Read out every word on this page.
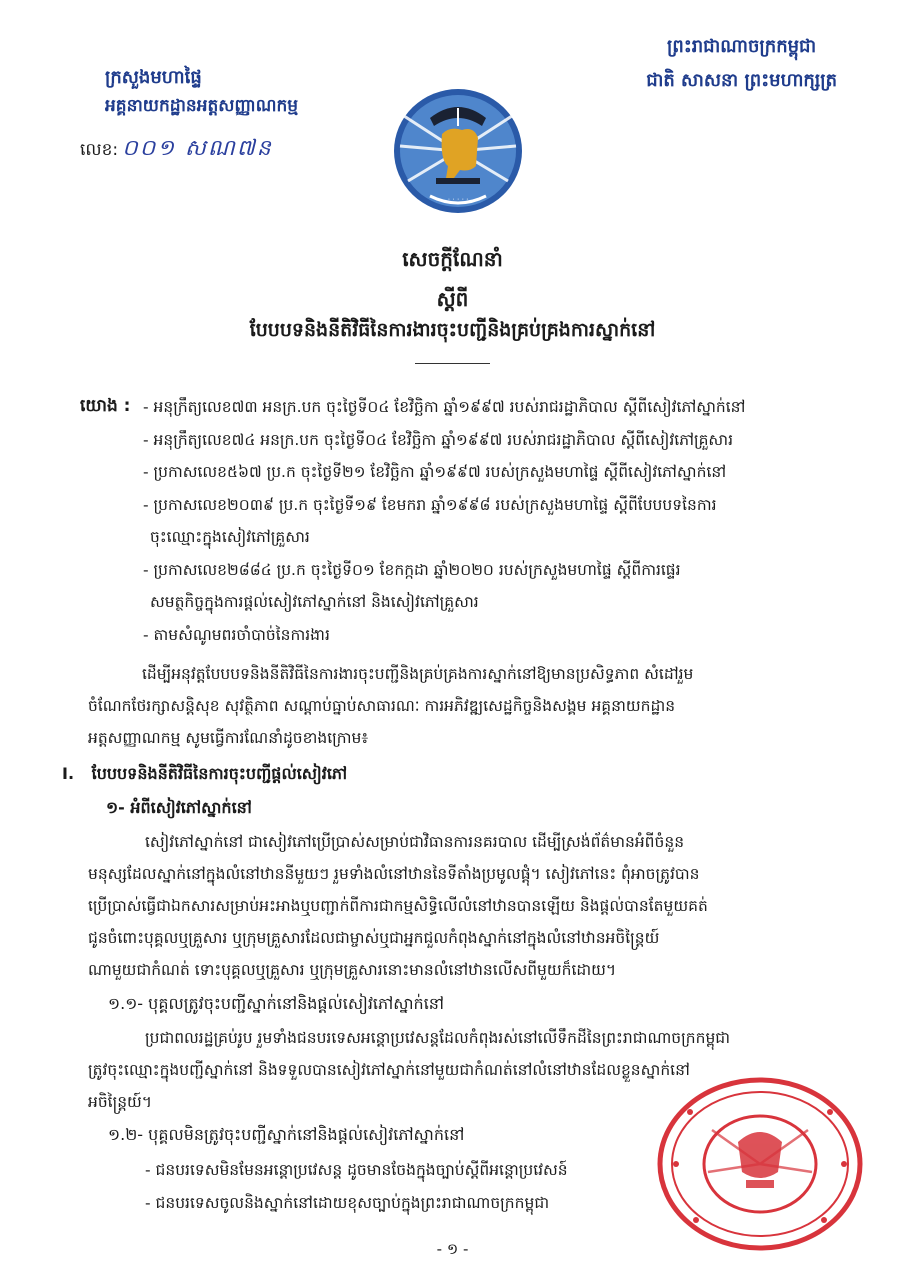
ក្រសួងមហាផ្ទៃ
អគ្គនាយកដ្ឋានអត្តសញ្ញាណកម្ម
លេខ: ០០១ សណ៧ន
ព្រះរាជាណាចក្រកម្ពុជា
ជាតិ សាសនា ព្រះមហាក្សត្រ
ᐧ ᐧ ᐧ ᐧ ᐧ
សេចក្តីណែនាំ
ស្តីពី
បែបបទនិងនីតិវិធីនៃការងារចុះបញ្ជីនិងគ្រប់គ្រងការស្នាក់នៅ
យោង : - អនុក្រឹត្យលេខ៧៣ អនក្រ.បក ចុះថ្ងៃទី០៤ ខែវិច្ឆិកា ឆ្នាំ១៩៩៧ របស់រាជរដ្ឋាភិបាល ស្តីពីសៀវភៅស្នាក់នៅ
- អនុក្រឹត្យលេខ៧៤ អនក្រ.បក ចុះថ្ងៃទី០៤ ខែវិច្ឆិកា ឆ្នាំ១៩៩៧ របស់រាជរដ្ឋាភិបាល ស្តីពីសៀវភៅគ្រួសារ
- ប្រកាសលេខ៥៦៧ ប្រ.ក ចុះថ្ងៃទី២១ ខែវិច្ឆិកា ឆ្នាំ១៩៩៧ របស់ក្រសួងមហាផ្ទៃ ស្តីពីសៀវភៅស្នាក់នៅ
- ប្រកាសលេខ២០៣៩ ប្រ.ក ចុះថ្ងៃទី១៩ ខែមករា ឆ្នាំ១៩៩៨ របស់ក្រសួងមហាផ្ទៃ ស្តីពីបែបបទនៃការ
ចុះឈ្មោះក្នុងសៀវភៅគ្រួសារ
- ប្រកាសលេខ២៨៨៤ ប្រ.ក ចុះថ្ងៃទី០១ ខែកក្កដា ឆ្នាំ២០២០ របស់ក្រសួងមហាផ្ទៃ ស្តីពីការផ្ទេរ
សមត្ថកិច្ចក្នុងការផ្តល់សៀវភៅស្នាក់នៅ និងសៀវភៅគ្រួសារ
- តាមសំណូមពរចាំបាច់នៃការងារ
ដើម្បីអនុវត្តបែបបទនិងនីតិវិធីនៃការងារចុះបញ្ជីនិងគ្រប់គ្រងការស្នាក់នៅឱ្យមានប្រសិទ្ធភាព សំដៅរួម
ចំណែកថែរក្សាសន្តិសុខ សុវត្ថិភាព សណ្តាប់ធ្នាប់សាធារណៈ ការអភិវឌ្ឍសេដ្ឋកិច្ចនិងសង្គម អគ្គនាយកដ្ឋាន
អត្តសញ្ញាណកម្ម សូមធ្វើការណែនាំដូចខាងក្រោម៖
I. បែបបទនិងនីតិវិធីនៃការចុះបញ្ជីផ្តល់សៀវភៅ
១- អំពីសៀវភៅស្នាក់នៅ
សៀវភៅស្នាក់នៅ ជាសៀវភៅប្រើប្រាស់សម្រាប់ជាវិធានការនគរបាល ដើម្បីស្រង់ព័ត៌មានអំពីចំនួន
មនុស្សដែលស្នាក់នៅក្នុងលំនៅឋាននីមួយៗ រួមទាំងលំនៅឋាននៃទីតាំងប្រមូលផ្តុំ។ សៀវភៅនេះ ពុំអាចត្រូវបាន
ប្រើប្រាស់ធ្វើជាឯកសារសម្រាប់អះអាងឬបញ្ជាក់ពីការជាកម្មសិទ្ធិលើលំនៅឋានបានឡើយ និងផ្តល់បានតែមួយគត់
ជូនចំពោះបុគ្គលឬគ្រួសារ ឬក្រុមគ្រួសារដែលជាម្ចាស់ឬជាអ្នកជួលកំពុងស្នាក់នៅក្នុងលំនៅឋានអចិន្ត្រៃយ៍
ណាមួយជាកំណត់ ទោះបុគ្គលឬគ្រួសារ ឬក្រុមគ្រួសារនោះមានលំនៅឋានលើសពីមួយក៏ដោយ។
១.១- បុគ្គលត្រូវចុះបញ្ជីស្នាក់នៅនិងផ្តល់សៀវភៅស្នាក់នៅ
ប្រជាពលរដ្ឋគ្រប់រូប រួមទាំងជនបរទេសអន្តោប្រវេសន្តដែលកំពុងរស់នៅលើទឹកដីនៃព្រះរាជាណាចក្រកម្ពុជា
ត្រូវចុះឈ្មោះក្នុងបញ្ជីស្នាក់នៅ និងទទួលបានសៀវភៅស្នាក់នៅមួយជាកំណត់នៅលំនៅឋានដែលខ្លួនស្នាក់នៅ
អចិន្ត្រៃយ៍។
១.២- បុគ្គលមិនត្រូវចុះបញ្ជីស្នាក់នៅនិងផ្តល់សៀវភៅស្នាក់នៅ
- ជនបរទេសមិនមែនអន្តោប្រវេសន្ត ដូចមានចែងក្នុងច្បាប់ស្តីពីអន្តោប្រវេសន៍
- ជនបរទេសចូលនិងស្នាក់នៅដោយខុសច្បាប់ក្នុងព្រះរាជាណាចក្រកម្ពុជា
- ១ -
